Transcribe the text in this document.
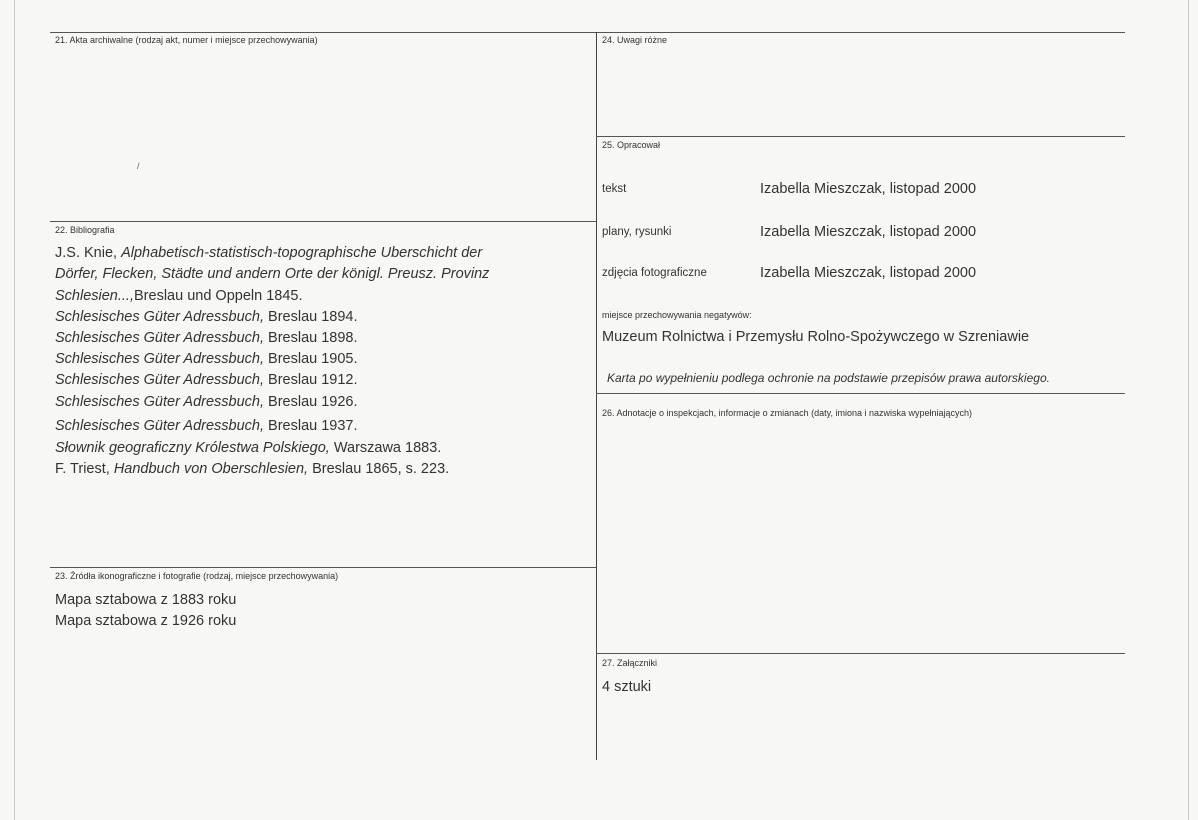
21. Akta archiwalne (rodzaj akt, numer i miejsce przechowywania)
/
22. Bibliografia
J.S. Knie, Alphabetisch-statistisch-topographische Uberschicht der
Dörfer, Flecken, Städte und andern Orte der königl. Preusz. Provinz
Schlesien...,Breslau und Oppeln 1845.
Schlesisches Güter Adressbuch, Breslau 1894.
Schlesisches Güter Adressbuch, Breslau 1898.
Schlesisches Güter Adressbuch, Breslau 1905.
Schlesisches Güter Adressbuch, Breslau 1912.
Schlesisches Güter Adressbuch, Breslau 1926.
Schlesisches Güter Adressbuch, Breslau 1937.
Słownik geograficzny Królestwa Polskiego, Warszawa 1883.
F. Triest, Handbuch von Oberschlesien, Breslau 1865, s. 223.
23. Źródła ikonograficzne i fotografie (rodzaj, miejsce przechowywania)
Mapa sztabowa z 1883 roku
Mapa sztabowa z 1926 roku
24. Uwagi różne
25. Opracował
tekst	Izabella Mieszczak, listopad 2000
plany, rysunki	Izabella Mieszczak, listopad 2000
zdjęcia fotograficzne	Izabella Mieszczak, listopad 2000
miejsce przechowywania negatywów:
Muzeum Rolnictwa i Przemysłu Rolno-Spożywczego w Szreniawie
Karta po wypełnieniu podlega ochronie na podstawie przepisów prawa autorskiego.
26. Adnotacje o inspekcjach, informacje o zmianach (daty, imiona i nazwiska wypełniających)
27. Załączniki
4 sztuki
